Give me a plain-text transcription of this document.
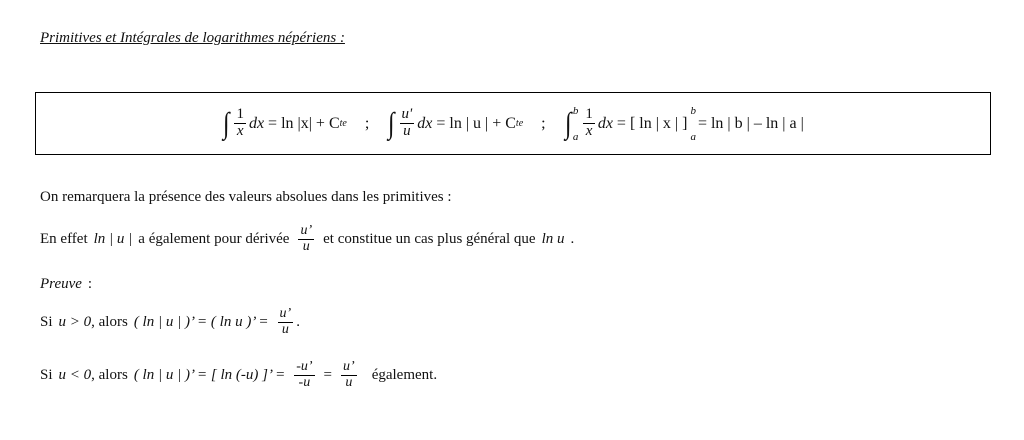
Primitives et Intégrales de logarithmes népériens :
∫ $\frac{1}{x}$ dx = ln |x| + C te ; ∫ $\frac{u'}{u}$ dx = ln | u | + C te ; ∫ b
a $\frac{1}{x}$ dx = [ ln | x | ]
b
a
= ln | b | – ln | a |
On remarquera la présence des valeurs absolues dans les primitives :
En effet ln | u | a également pour dérivée $\frac{u’}{u}$ et constitue un cas plus général que ln u .
Preuve :
Si u > 0 , alors ( ln | u | )’ = ( ln u )’ = $\frac{u’}{u}$ .
Si u < 0 , alors ( ln | u | )’ = [ ln (-u) ]’ = $\frac{-u’}{-u} = \frac{u’}{u}$ également.
